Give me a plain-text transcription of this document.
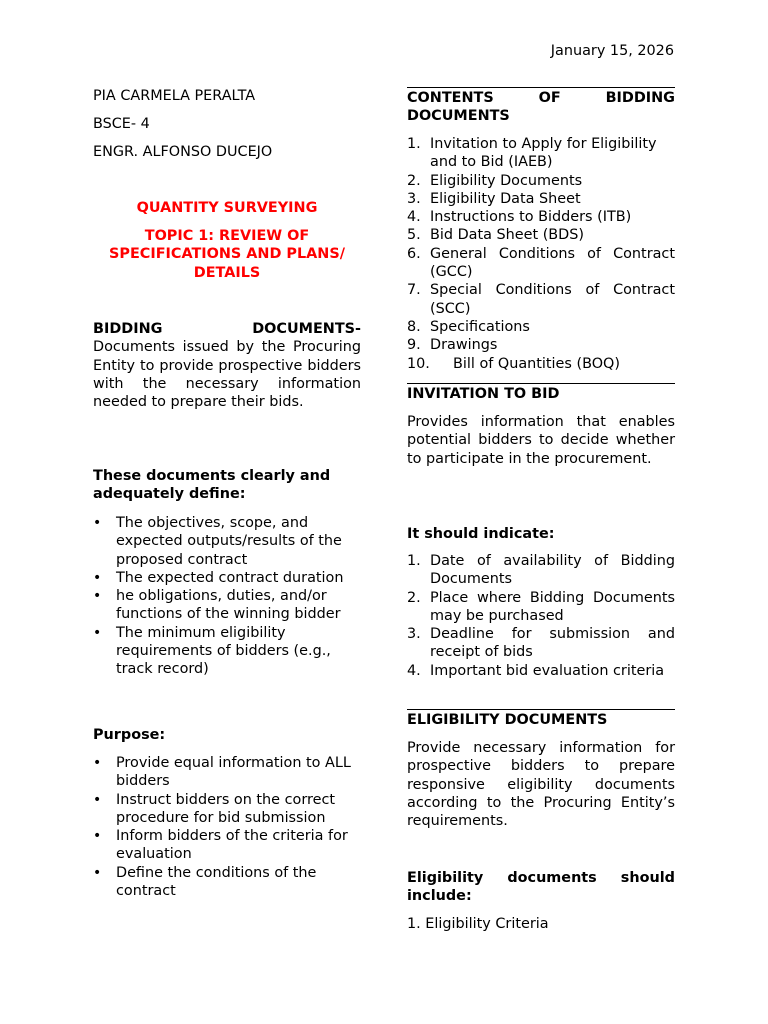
January 15, 2026

PIA CARMELA PERALTA

BSCE- 4

ENGR. ALFONSO DUCEJO

QUANTITY SURVEYING

TOPIC 1: REVIEW OF SPECIFICATIONS AND PLANS/ DETAILS

BIDDING DOCUMENTS-

Documents issued by the Procuring Entity to provide prospective bidders with the necessary information needed to prepare their bids.

These documents clearly and adequately define:

• The objectives, scope, and expected outputs/results of the proposed contract
• The expected contract duration
• he obligations, duties, and/or functions of the winning bidder
• The minimum eligibility requirements of bidders (e.g., track record)

Purpose:

• Provide equal information to ALL bidders
• Instruct bidders on the correct procedure for bid submission
• Inform bidders of the criteria for evaluation
• Define the conditions of the contract

CONTENTS OF BIDDING

DOCUMENTS

1. Invitation to Apply for Eligibility and to Bid (IAEB)
2. Eligibility Documents
3. Eligibility Data Sheet
4. Instructions to Bidders (ITB)
5. Bid Data Sheet (BDS)
6. General Conditions of Contract (GCC)
7. Special Conditions of Contract (SCC)
8. Specifications
9. Drawings
10. Bill of Quantities (BOQ)

INVITATION TO BID

Provides information that enables potential bidders to decide whether to participate in the procurement.

It should indicate:

1. Date of availability of Bidding Documents
2. Place where Bidding Documents may be purchased
3. Deadline for submission and receipt of bids
4. Important bid evaluation criteria

ELIGIBILITY DOCUMENTS

Provide necessary information for prospective bidders to prepare responsive eligibility documents according to the Procuring Entity’s requirements.

Eligibility documents should include:

1. Eligibility Criteria
